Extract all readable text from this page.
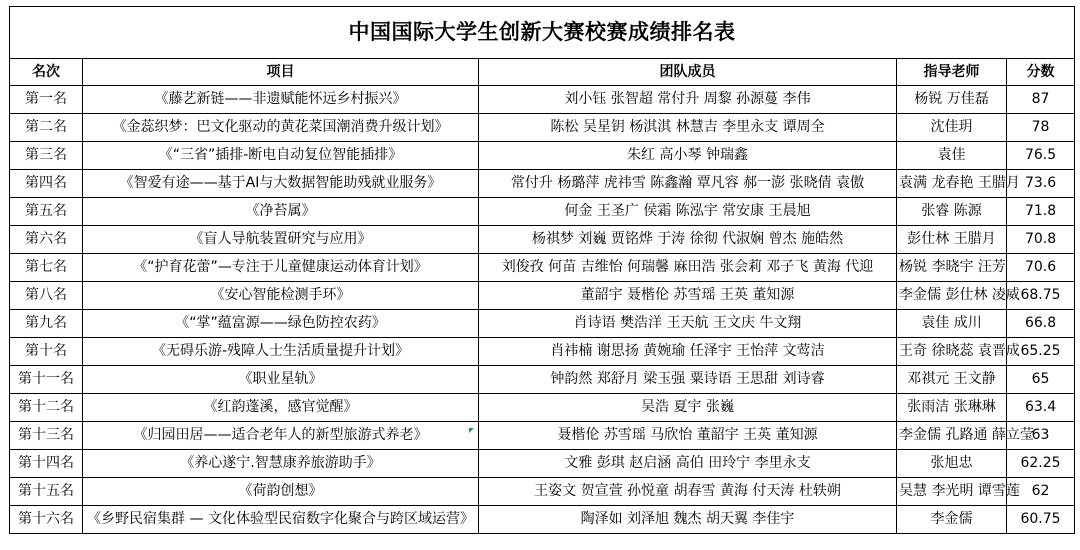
中国国际大学生创新大赛校赛成绩排名表				
名次	项目	团队成员	指导老师	分数
第一名	《藤艺新链——非遗赋能怀远乡村振兴》	刘小钰 张智超 常付升 周黎 孙源蔓 李伟	杨锐 万佳磊	87
第二名	《金蕊织梦：巴文化驱动的黄花菜国潮消费升级计划》	陈松 吴星钥 杨淇淇 林慧吉 李里永支 谭周全	沈佳玥	78
第三名	《“三省”插排-断电自动复位智能插排》	朱红 高小琴 钟瑞鑫	袁佳	76.5
第四名	《智爱有途——基于AI与大数据智能助残就业服务》	常付升 杨璐萍 虎祎雪 陈鑫瀚 覃凡容 郝一澎 张晓倩 袁傲	袁满 龙春艳 王腊月	73.6
第五名	《净苔属》	何金 王圣广 侯霜 陈泓宇 常安康 王晨旭	张睿 陈源	71.8
第六名	《盲人导航装置研究与应用》	杨祺梦 刘巍 贾铭烨 于涛 徐彻 代淑娴 曾杰 施皓然	彭仕林 王腊月	70.8
第七名	《“护育花蕾”—专注于儿童健康运动体育计划》	刘俊孜 何苗 吉维怡 何瑞馨 麻田浩 张会莉 邓子飞 黄海 代迎	杨锐 李晓宇 汪芳	70.6
第八名	《安心智能检测手环》	董韶宇 聂楷伦 苏雪瑶 王英 董知源	李金儒 彭仕林 凌威	68.75
第九名	《“掌”蕴富源——绿色防控农药》	肖诗语 樊浩洋 王天航 王文庆 牛文翔	袁佳 成川	66.8
第十名	《无碍乐游-残障人士生活质量提升计划》	肖祎楠 谢思扬 黄婉瑜 任泽宇 王怡萍 文莺洁	王奇 徐晓蕊 袁晋成	65.25
第十一名	《职业星轨》	钟韵然 郑舒月 梁玉强 粟诗语 王思甜 刘诗睿	邓祺元 王文静	65
第十二名	《红韵蓬溪，感官觉醒》	吴浩 夏宇 张巍	张雨洁 张琳琳	63.4
第十三名	《归园田居——适合老年人的新型旅游式养老》	聂楷伦 苏雪瑶 马欣怡 董韶宇 王英 董知源	李金儒 孔路通 薛立莹	63
第十四名	《养心遂宁.智慧康养旅游助手》	文雅 彭琪 赵启涵 高伯 田玲宁 李里永支	张旭忠	62.25
第十五名	《荷韵创想》	王姿文 贺宣萱 孙悦童 胡春雪 黄海 付天涛 杜轶朔	吴慧 李光明 谭雪莲	62
第十六名	《乡野民宿集群 — 文化体验型民宿数字化聚合与跨区域运营》	陶泽如 刘泽旭 魏杰 胡天翼 李佳宇	李金儒	60.75
